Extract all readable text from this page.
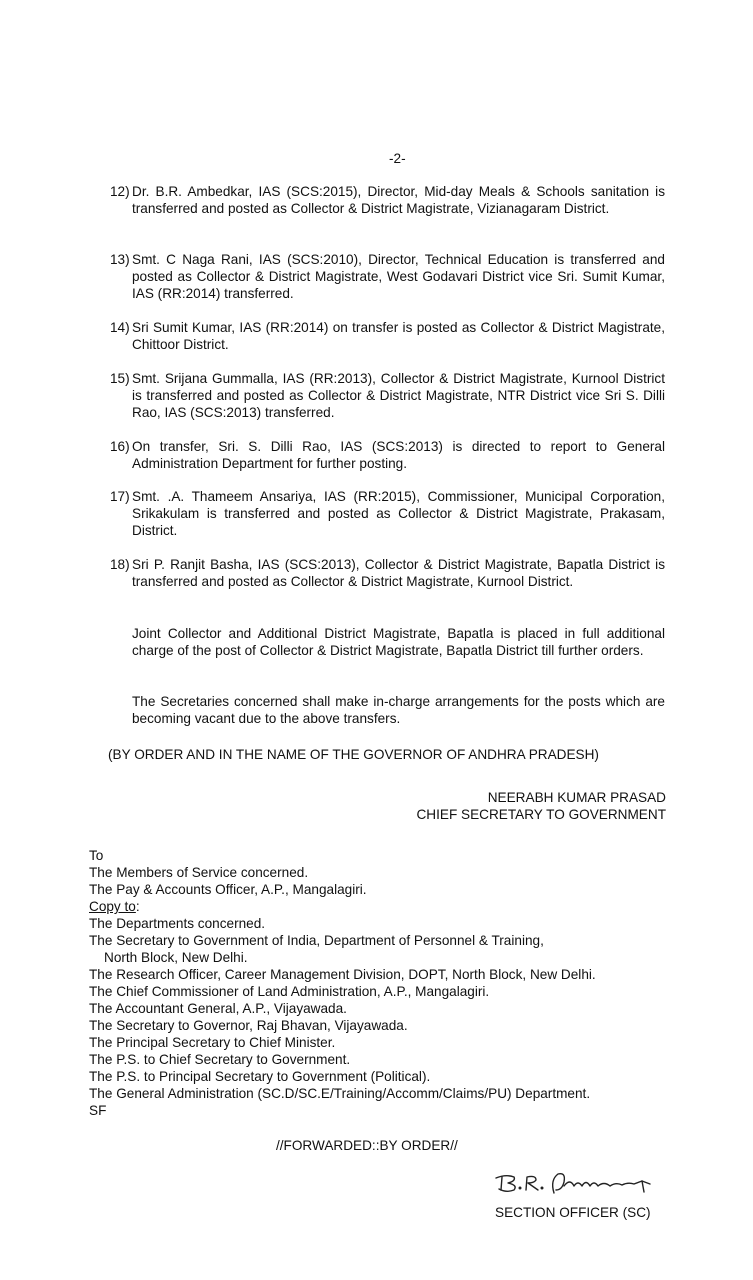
-2-
12) Dr. B.R. Ambedkar, IAS (SCS:2015), Director, Mid-day Meals & Schools sanitation is transferred and posted as Collector & District Magistrate, Vizianagaram District.
13) Smt. C Naga Rani, IAS (SCS:2010), Director, Technical Education is transferred and posted as Collector & District Magistrate, West Godavari District vice Sri. Sumit Kumar, IAS (RR:2014) transferred.
14) Sri Sumit Kumar, IAS (RR:2014) on transfer is posted as Collector & District Magistrate, Chittoor District.
15) Smt. Srijana Gummalla, IAS (RR:2013), Collector & District Magistrate, Kurnool District is transferred and posted as Collector & District Magistrate, NTR District vice Sri S. Dilli Rao, IAS (SCS:2013) transferred.
16) On transfer, Sri. S. Dilli Rao, IAS (SCS:2013) is directed to report to General Administration Department for further posting.
17) Smt. .A. Thameem Ansariya, IAS (RR:2015), Commissioner, Municipal Corporation, Srikakulam is transferred and posted as Collector & District Magistrate, Prakasam, District.
18) Sri P. Ranjit Basha, IAS (SCS:2013), Collector & District Magistrate, Bapatla District is transferred and posted as Collector & District Magistrate, Kurnool District.
Joint Collector and Additional District Magistrate, Bapatla is placed in full additional charge of the post of Collector & District Magistrate, Bapatla District till further orders.
The Secretaries concerned shall make in-charge arrangements for the posts which are becoming vacant due to the above transfers.
(BY ORDER AND IN THE NAME OF THE GOVERNOR OF ANDHRA PRADESH)
NEERABH KUMAR PRASAD
CHIEF SECRETARY TO GOVERNMENT
To
The Members of Service concerned.
The Pay & Accounts Officer, A.P., Mangalagiri.
Copy to:
The Departments concerned.
The Secretary to Government of India, Department of Personnel & Training,
North Block, New Delhi.
The Research Officer, Career Management Division, DOPT, North Block, New Delhi.
The Chief Commissioner of Land Administration, A.P., Mangalagiri.
The Accountant General, A.P., Vijayawada.
The Secretary to Governor, Raj Bhavan, Vijayawada.
The Principal Secretary to Chief Minister.
The P.S. to Chief Secretary to Government.
The P.S. to Principal Secretary to Government (Political).
The General Administration (SC.D/SC.E/Training/Accomm/Claims/PU) Department.
SF
//FORWARDED::BY ORDER//
SECTION OFFICER (SC)
